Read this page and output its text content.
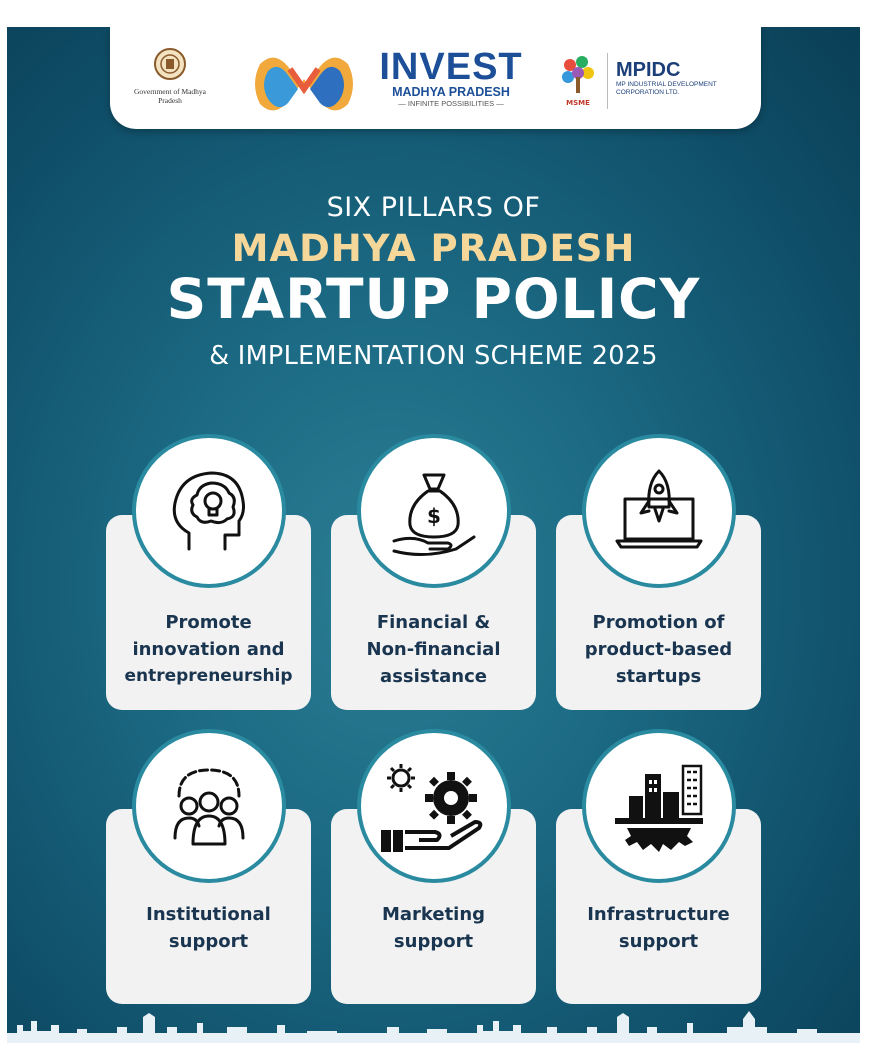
Government of Madhya Pradesh
INVEST
MADHYA PRADESH
— INFINITE POSSIBILITIES —	MSME
MPIDC
MP INDUSTRIAL DEVELOPMENT CORPORATION LTD.
SIX PILLARS OF
MADHYA PRADESH
STARTUP POLICY
& IMPLEMENTATION SCHEME 2025
Promote
innovation and
entrepreneurship
Financial &
Non-financial
assistance
$
Promotion of
product-based
startups
Institutional
support
Marketing
support
Infrastructure
support
